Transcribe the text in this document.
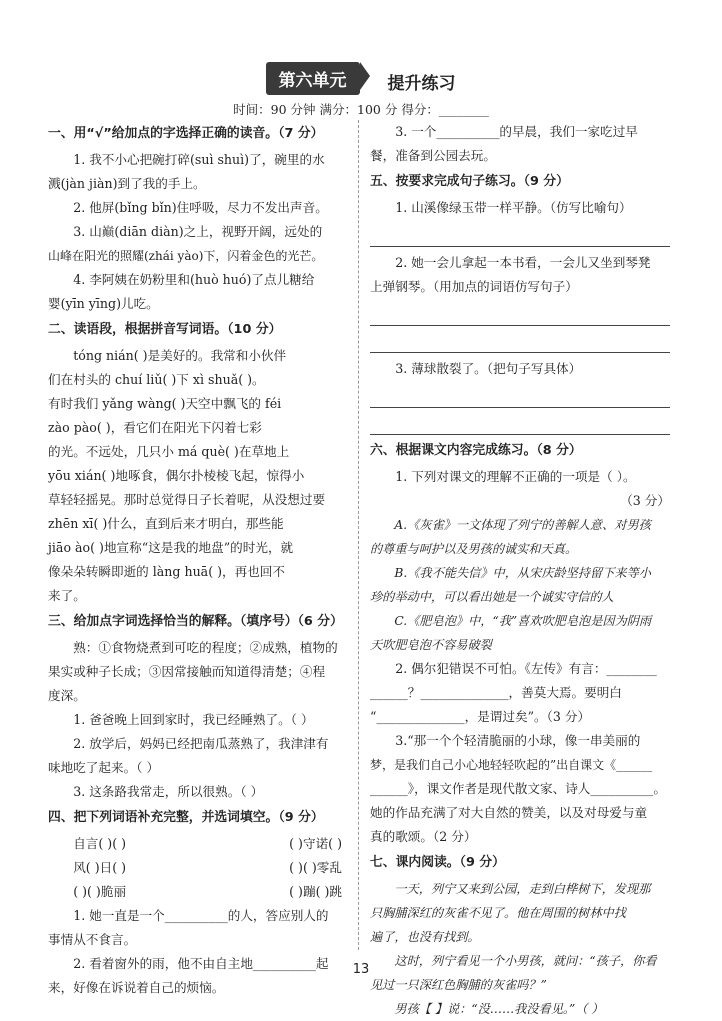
第六单元 提升练习
时间：90 分钟 满分：100 分 得分：________
一、用“√”给加点的字选择正确的读音。（7 分）

1. 我不小心把碗打碎(suì shuì)了，碗里的水

溅(jàn jiàn)到了我的手上。

2. 他屏(bǐng bǐn)住呼吸，尽力不发出声音。

3. 山巅(diān diàn)之上，视野开阔，远处的

山峰在阳光的照耀(zhái yào)下，闪着金色的光芒。

4. 李阿姨在奶粉里和(huò huó)了点儿糖给

婴(yīn yīng)儿吃。

二、读语段，根据拼音写词语。（10 分）

tóng nián( )是美好的。我常和小伙伴

们在村头的 chuí liǔ( )下 xì shuǎ( )。

有时我们 yǎng wàng( )天空中飘飞的 féi

zào pào( )，看它们在阳光下闪着七彩

的光。不远处，几只小 má què( )在草地上

yōu xián( )地啄食，偶尔扑棱棱飞起，惊得小

草轻轻摇晃。那时总觉得日子长着呢，从没想过要

zhēn xī( )什么，直到后来才明白，那些能

jiāo ào( )地宣称“这是我的地盘”的时光，就

像朵朵转瞬即逝的 làng huā( )，再也回不

来了。

三、给加点字词选择恰当的解释。（填序号）（6 分）

熟：①食物烧煮到可吃的程度；②成熟，植物的

果实或种子长成；③因常接触而知道得清楚；④程

度深。

1. 爸爸晚上回到家时，我已经睡熟了。（ ）

2. 放学后，妈妈已经把南瓜蒸熟了，我津津有

味地吃了起来。（ ）

3. 这条路我常走，所以很熟。（ ）

四、把下列词语补充完整，并选词填空。（9 分）
自言( )( )	( )守诺( )
风( )日( )	( )( )零乱
( )( )脆丽	( )蹦( )跳

1. 她一直是一个__________的人，答应别人的

事情从不食言。

2. 看着窗外的雨，他不由自主地__________起

来，好像在诉说着自己的烦恼。

3. 一个__________的早晨，我们一家吃过早

餐，准备到公园去玩。

五、按要求完成句子练习。（9 分）

1. 山溪像绿玉带一样平静。（仿写比喻句）

2. 她一会儿拿起一本书看，一会儿又坐到琴凳

上弹钢琴。（用加点的词语仿写句子）

3. 薄球散裂了。（把句子写具体）

六、根据课文内容完成练习。（8 分）

1. 下列对课文的理解不正确的一项是（ ）。

（3 分）

A.《灰雀》一文体现了列宁的善解人意、对男孩

的尊重与呵护以及男孩的诚实和天真。

B.《我不能失信》中，从宋庆龄坚持留下来等小

珍的举动中，可以看出她是一个诚实守信的人

C.《肥皂泡》中，“我”喜欢吹肥皂泡是因为阴雨

天吹肥皂泡不容易破裂

2. 偶尔犯错误不可怕。《左传》有言：________

______？______________，善莫大焉。要明白

“______________，是谓过矣”。（3 分）

3.“那一个个轻清脆丽的小球，像一串美丽的

梦，是我们自己小心地轻轻吹起的”出自课文《______

______》，课文作者是现代散文家、诗人__________。

她的作品充满了对大自然的赞美，以及对母爱与童

真的歌颂。（2 分）

七、课内阅读。（9 分）

一天，列宁又来到公园，走到白桦树下，发现那

只胸脯深红的灰雀不见了。他在周围的树林中找

遍了，也没有找到。

这时，列宁看见一个小男孩，就问：“孩子，你看

见过一只深红色胸脯的灰雀吗？”

男孩【 】说：“没……我没看见。”（ ）

13
